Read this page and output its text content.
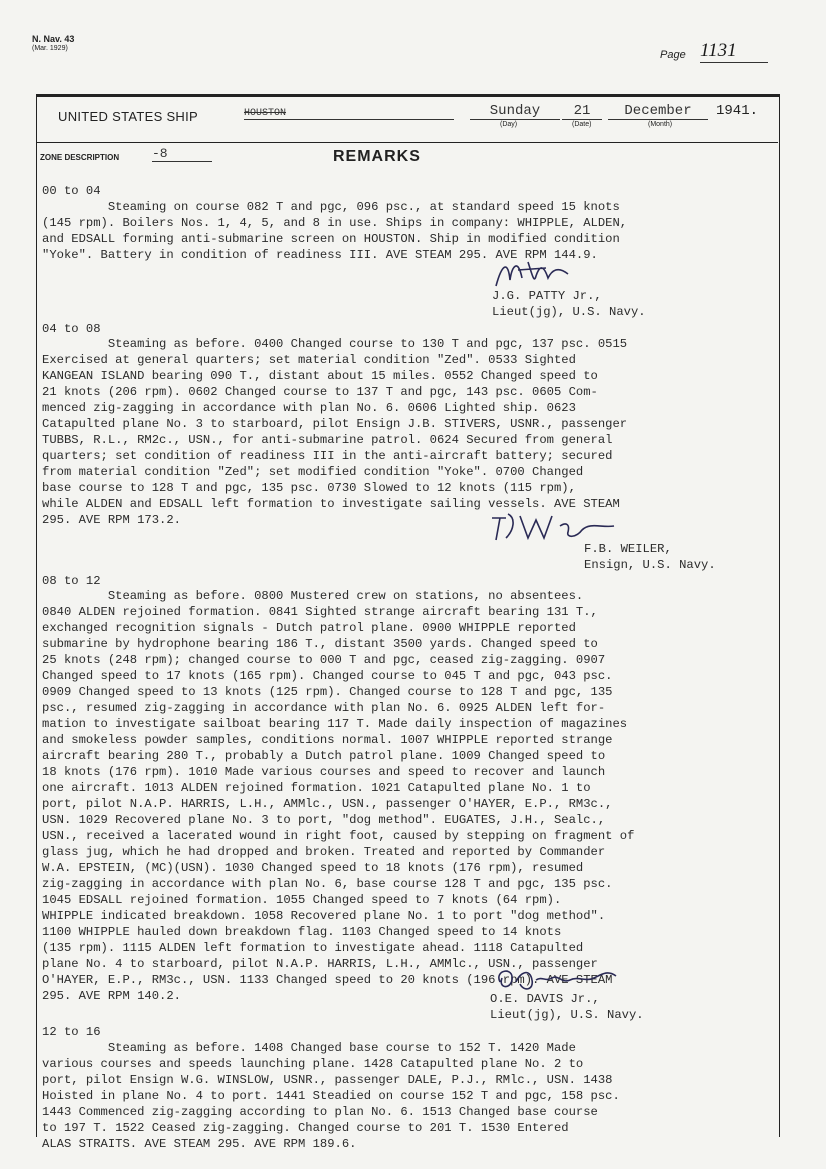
N. Nav. 43
(Mar. 1929)
Page 1131
UNITED STATES SHIP	HOUSTON	Sunday	21	December
(Day)	(Date)	(Month)
1941.
ZONE DESCRIPTION	-8	REMARKS
00 to 04
Steaming on course 082 T and pgc, 096 psc., at standard speed 15 knots
(145 rpm). Boilers Nos. 1, 4, 5, and 8 in use. Ships in company: WHIPPLE, ALDEN,
and EDSALL forming anti-submarine screen on HOUSTON. Ship in modified condition
"Yoke". Battery in condition of readiness III. AVE STEAM 295. AVE RPM 144.9.
J.G. PATTY Jr.,
Lieut(jg), U.S. Navy.
04 to 08
Steaming as before. 0400 Changed course to 130 T and pgc, 137 psc. 0515
Exercised at general quarters; set material condition "Zed". 0533 Sighted
KANGEAN ISLAND bearing 090 T., distant about 15 miles. 0552 Changed speed to
21 knots (206 rpm). 0602 Changed course to 137 T and pgc, 143 psc. 0605 Com-
menced zig-zagging in accordance with plan No. 6. 0606 Lighted ship. 0623
Catapulted plane No. 3 to starboard, pilot Ensign J.B. STIVERS, USNR., passenger
TUBBS, R.L., RM2c., USN., for anti-submarine patrol. 0624 Secured from general
quarters; set condition of readiness III in the anti-aircraft battery; secured
from material condition "Zed"; set modified condition "Yoke". 0700 Changed
base course to 128 T and pgc, 135 psc. 0730 Slowed to 12 knots (115 rpm),
while ALDEN and EDSALL left formation to investigate sailing vessels. AVE STEAM
295. AVE RPM 173.2.
F.B. WEILER,
Ensign, U.S. Navy.
08 to 12
Steaming as before. 0800 Mustered crew on stations, no absentees.
0840 ALDEN rejoined formation. 0841 Sighted strange aircraft bearing 131 T.,
exchanged recognition signals - Dutch patrol plane. 0900 WHIPPLE reported
submarine by hydrophone bearing 186 T., distant 3500 yards. Changed speed to
25 knots (248 rpm); changed course to 000 T and pgc, ceased zig-zagging. 0907
Changed speed to 17 knots (165 rpm). Changed course to 045 T and pgc, 043 psc.
0909 Changed speed to 13 knots (125 rpm). Changed course to 128 T and pgc, 135
psc., resumed zig-zagging in accordance with plan No. 6. 0925 ALDEN left for-
mation to investigate sailboat bearing 117 T. Made daily inspection of magazines
and smokeless powder samples, conditions normal. 1007 WHIPPLE reported strange
aircraft bearing 280 T., probably a Dutch patrol plane. 1009 Changed speed to
18 knots (176 rpm). 1010 Made various courses and speed to recover and launch
one aircraft. 1013 ALDEN rejoined formation. 1021 Catapulted plane No. 1 to
port, pilot N.A.P. HARRIS, L.H., AMMlc., USN., passenger O'HAYER, E.P., RM3c.,
USN. 1029 Recovered plane No. 3 to port, "dog method". EUGATES, J.H., Sealc.,
USN., received a lacerated wound in right foot, caused by stepping on fragment of
glass jug, which he had dropped and broken. Treated and reported by Commander
W.A. EPSTEIN, (MC)(USN). 1030 Changed speed to 18 knots (176 rpm), resumed
zig-zagging in accordance with plan No. 6, base course 128 T and pgc, 135 psc.
1045 EDSALL rejoined formation. 1055 Changed speed to 7 knots (64 rpm).
WHIPPLE indicated breakdown. 1058 Recovered plane No. 1 to port "dog method".
1100 WHIPPLE hauled down breakdown flag. 1103 Changed speed to 14 knots
(135 rpm). 1115 ALDEN left formation to investigate ahead. 1118 Catapulted
plane No. 4 to starboard, pilot N.A.P. HARRIS, L.H., AMMlc., USN., passenger
O'HAYER, E.P., RM3c., USN. 1133 Changed speed to 20 knots (196 rpm). AVE STEAM
295. AVE RPM 140.2.	O.E. DAVIS Jr.,
Lieut(jg), U.S. Navy.
12 to 16
Steaming as before. 1408 Changed base course to 152 T. 1420 Made
various courses and speeds launching plane. 1428 Catapulted plane No. 2 to
port, pilot Ensign W.G. WINSLOW, USNR., passenger DALE, P.J., RMlc., USN. 1438
Hoisted in plane No. 4 to port. 1441 Steadied on course 152 T and pgc, 158 psc.
1443 Commenced zig-zagging according to plan No. 6. 1513 Changed base course
to 197 T. 1522 Ceased zig-zagging. Changed course to 201 T. 1530 Entered
ALAS STRAITS. AVE STEAM 295. AVE RPM 189.6.
